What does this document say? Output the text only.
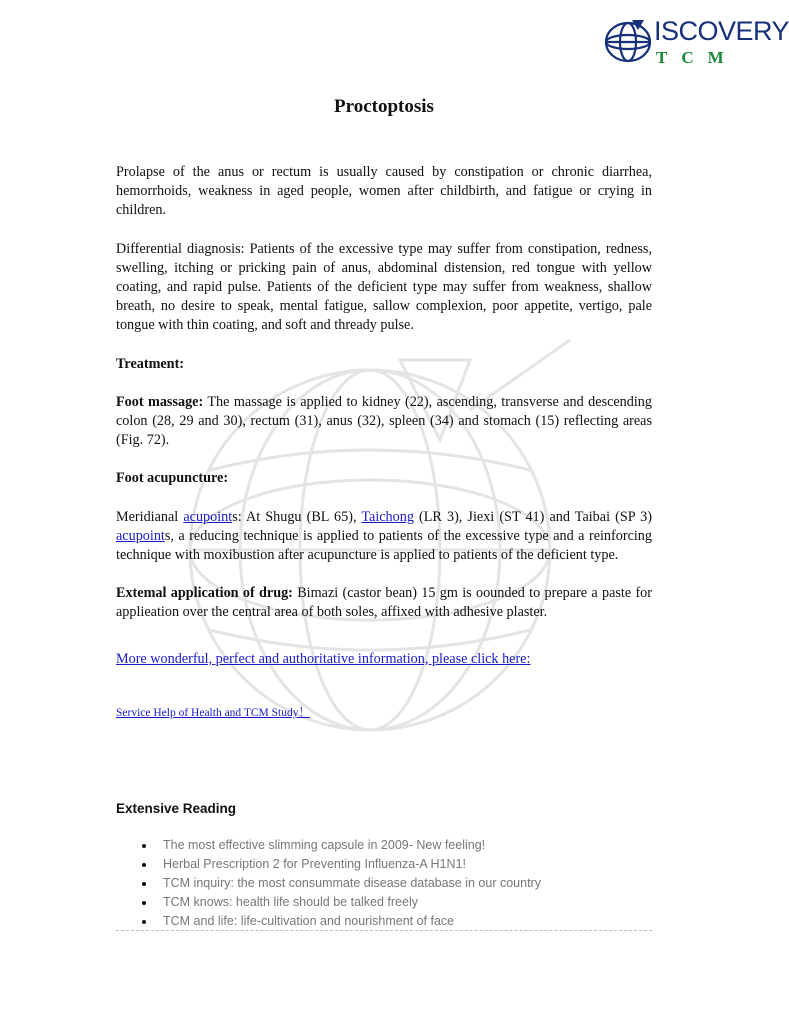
ISCOVERY
TCM
Proctoptosis

Prolapse of the anus or rectum is usually caused by constipation or chronic diarrhea, hemorrhoids, weakness in aged people, women after childbirth, and fatigue or crying in children.

Differential diagnosis: Patients of the excessive type may suffer from constipation, redness, swelling, itching or pricking pain of anus, abdominal distension, red tongue with yellow coating, and rapid pulse. Patients of the deficient type may suffer from weakness, shallow breath, no desire to speak, mental fatigue, sallow complexion, poor appetite, vertigo, pale tongue with thin coating, and soft and thready pulse.

Treatment:

Foot massage: The massage is applied to kidney (22), ascending, transverse and descending colon (28, 29 and 30), rectum (31), anus (32), spleen (34) and stomach (15) reflecting areas (Fig. 72).

Foot acupuncture:

Meridianal acupoints: At Shugu (BL 65), Taichong (LR 3), Jiexi (ST 41) and Taibai (SP 3) acupoints, a reducing technique is applied to patients of the excessive type and a reinforcing technique with moxibustion after acupuncture is applied to patients of the deficient type.

Extemal application of drug: Bimazi (castor bean) 15 gm is oounded to prepare a paste for applieation over the central area of both soles, affixed with adhesive plaster.

More wonderful, perfect and authoritative information, please click here:

Service Help of Health and TCM Study！

Extensive Reading
The most effective slimming capsule in 2009- New feeling!
Herbal Prescription 2 for Preventing Influenza-A H1N1!
TCM inquiry: the most consummate disease database in our country
TCM knows: health life should be talked freely
TCM and life: life-cultivation and nourishment of face
